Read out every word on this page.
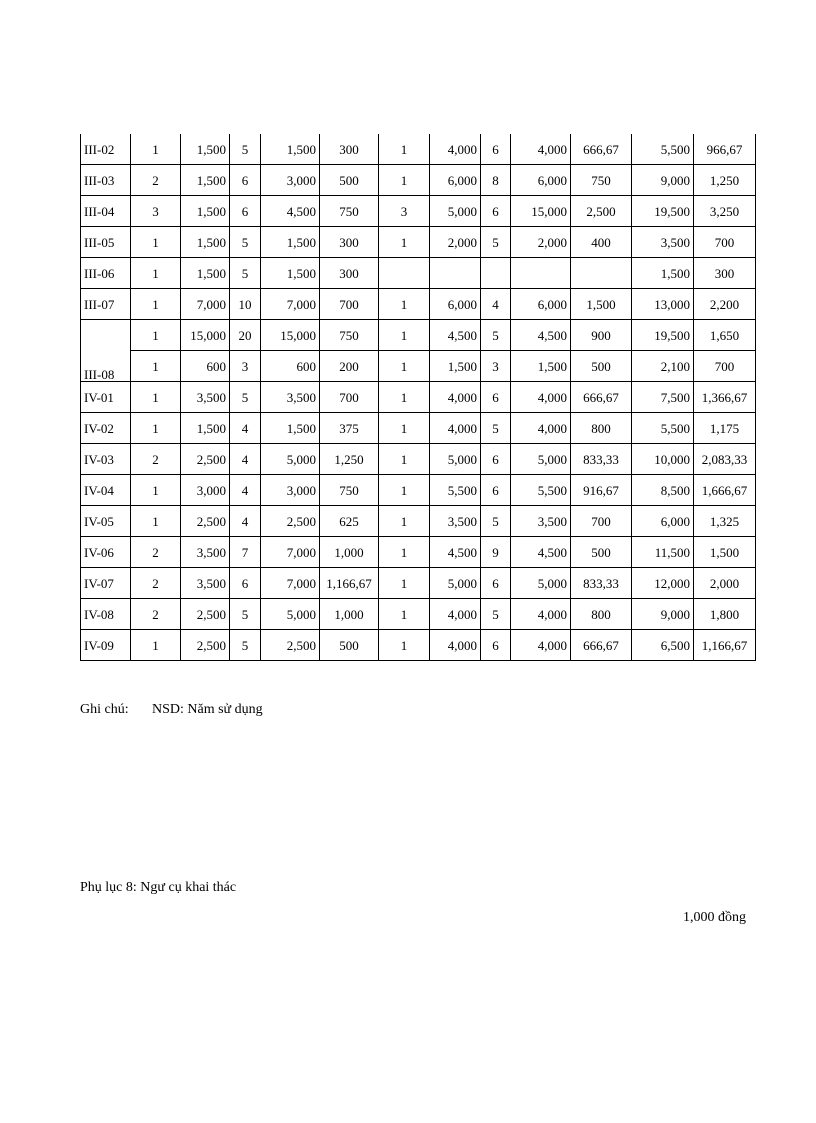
III-02	1	1,500	5	1,500	300	1	4,000	6	4,000	666,67	5,500	966,67
III-03	2	1,500	6	3,000	500	1	6,000	8	6,000	750	9,000	1,250
III-04	3	1,500	6	4,500	750	3	5,000	6	15,000	2,500	19,500	3,250
III-05	1	1,500	5	1,500	300	1	2,000	5	2,000	400	3,500	700
III-06	1	1,500	5	1,500	300						1,500	300
III-07	1	7,000	10	7,000	700	1	6,000	4	6,000	1,500	13,000	2,200
III-08	1	15,000	20	15,000	750	1	4,500	5	4,500	900	19,500	1,650
	1	600	3	600	200	1	1,500	3	1,500	500	2,100	700
IV-01	1	3,500	5	3,500	700	1	4,000	6	4,000	666,67	7,500	1,366,67
IV-02	1	1,500	4	1,500	375	1	4,000	5	4,000	800	5,500	1,175
IV-03	2	2,500	4	5,000	1,250	1	5,000	6	5,000	833,33	10,000	2,083,33
IV-04	1	3,000	4	3,000	750	1	5,500	6	5,500	916,67	8,500	1,666,67
IV-05	1	2,500	4	2,500	625	1	3,500	5	3,500	700	6,000	1,325
IV-06	2	3,500	7	7,000	1,000	1	4,500	9	4,500	500	11,500	1,500
IV-07	2	3,500	6	7,000	1,166,67	1	5,000	6	5,000	833,33	12,000	2,000
IV-08	2	2,500	5	5,000	1,000	1	4,000	5	4,000	800	9,000	1,800
IV-09	1	2,500	5	2,500	500	1	4,000	6	4,000	666,67	6,500	1,166,67
Ghi chú: NSD: Năm sử dụng
Phụ lục 8: Ngư cụ khai thác
1,000 đồng
